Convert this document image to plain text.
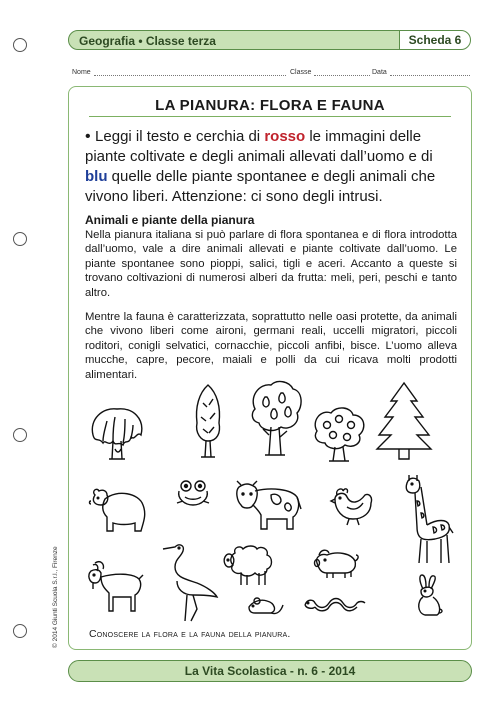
Geografia • Classe terza	Scheda 6
Nome	Classe	Data
LA PIANURA: FLORA E FAUNA
• Leggi il testo e cerchia di rosso le immagini delle piante coltivate e degli animali allevati dall’uomo e di blu quelle delle piante spontanee e degli animali che vivono liberi. Attenzione: ci sono degli intrusi.
Animali e piante della pianura
Nella pianura italiana si può parlare di flora spontanea e di flora introdotta dall’uomo, vale a dire animali allevati e piante coltivate dall’uomo. Le piante spontanee sono pioppi, salici, tigli e aceri. Accanto a queste si trovano coltivazioni di numerosi alberi da frutta: meli, peri, peschi e tanto altro.
Mentre la fauna è caratterizzata, soprattutto nelle oasi protette, da animali che vivono liberi come aironi, germani reali, uccelli migratori, piccoli roditori, conigli selvatici, cornacchie, piccoli anfibi, bisce. L’uomo alleva mucche, capre, pecore, maiali e polli da cui ricava molti prodotti alimentari.
Conoscere la flora e la fauna della pianura.
© 2014 Giunti Scuola S.r.l., Firenze
La Vita Scolastica - n. 6 - 2014
